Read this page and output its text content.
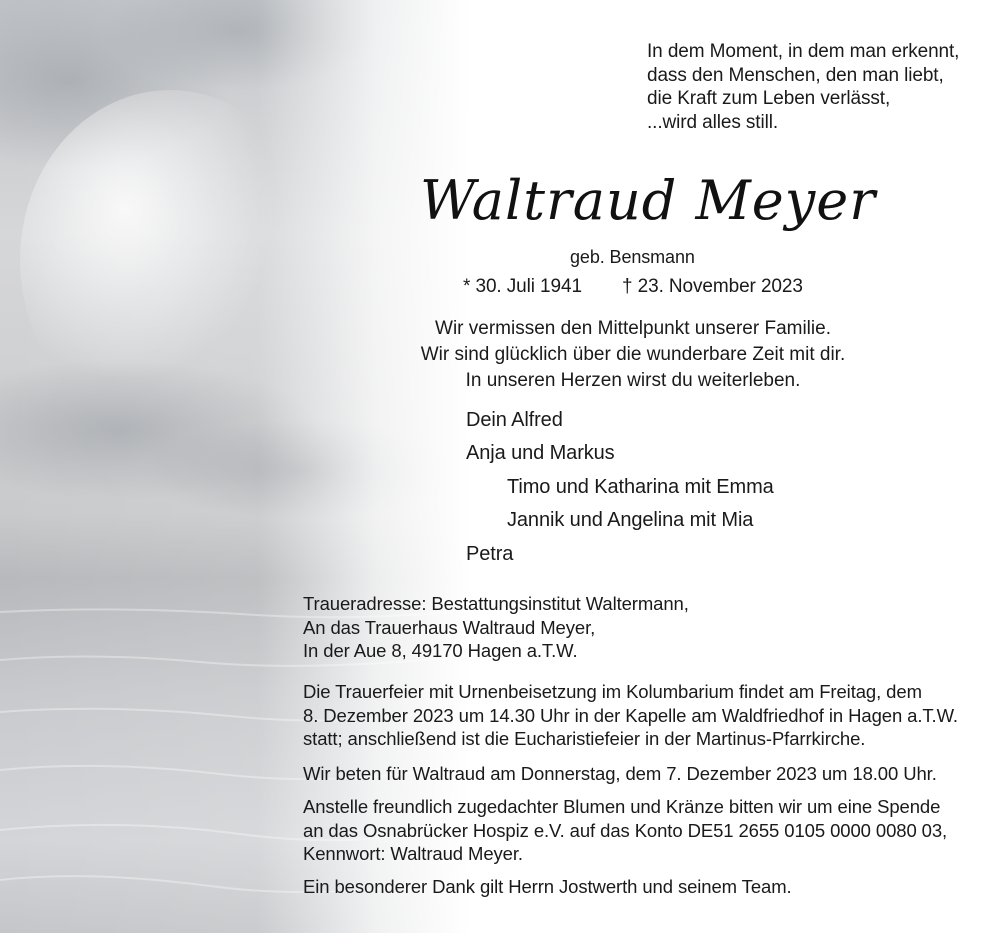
In dem Moment, in dem man erkennt,
dass den Menschen, den man liebt,
die Kraft zum Leben verlässt,
...wird alles still.
Waltraud Meyer
geb. Bensmann
* 30. Juli 1941 † 23. November 2023
Wir vermissen den Mittelpunkt unserer Familie.
Wir sind glücklich über die wunderbare Zeit mit dir.
In unseren Herzen wirst du weiterleben.
Dein Alfred
Anja und Markus
Timo und Katharina mit Emma
Jannik und Angelina mit Mia
Petra
Traueradresse: Bestattungsinstitut Waltermann,
An das Trauerhaus Waltraud Meyer,
In der Aue 8, 49170 Hagen a.T.W.
Die Trauerfeier mit Urnenbeisetzung im Kolumbarium findet am Freitag, dem
8. Dezember 2023 um 14.30 Uhr in der Kapelle am Waldfriedhof in Hagen a.T.W.
statt; anschließend ist die Eucharistiefeier in der Martinus-Pfarrkirche.
Wir beten für Waltraud am Donnerstag, dem 7. Dezember 2023 um 18.00 Uhr.
Anstelle freundlich zugedachter Blumen und Kränze bitten wir um eine Spende
an das Osnabrücker Hospiz e.V. auf das Konto DE51 2655 0105 0000 0080 03,
Kennwort: Waltraud Meyer.
Ein besonderer Dank gilt Herrn Jostwerth und seinem Team.
